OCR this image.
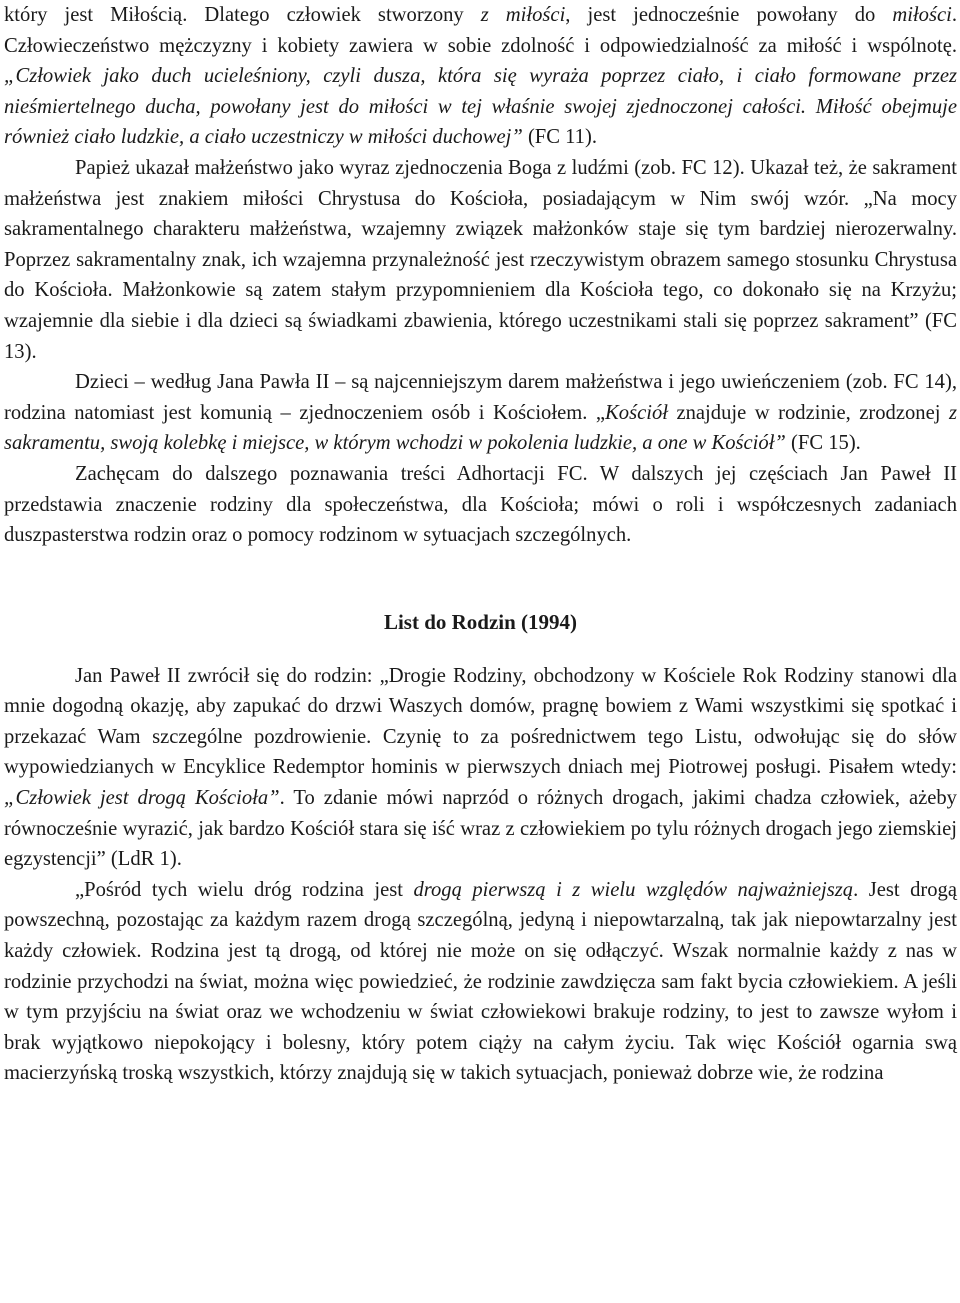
który jest Miłością. Dlatego człowiek stworzony z miłości, jest jednocześnie powołany do miłości. Człowieczeństwo mężczyzny i kobiety zawiera w sobie zdolność i odpowiedzialność za miłość i wspólnotę. „Człowiek jako duch ucieleśniony, czyli dusza, która się wyraża poprzez ciało, i ciało formowane przez nieśmiertelnego ducha, powołany jest do miłości w tej właśnie swojej zjednoczonej całości. Miłość obejmuje również ciało ludzkie, a ciało uczestniczy w miłości duchowej” (FC 11).

Papież ukazał małżeństwo jako wyraz zjednoczenia Boga z ludźmi (zob. FC 12). Ukazał też, że sakrament małżeństwa jest znakiem miłości Chrystusa do Kościoła, posiadającym w Nim swój wzór. „Na mocy sakramentalnego charakteru małżeństwa, wzajemny związek małżonków staje się tym bardziej nierozerwalny. Poprzez sakramentalny znak, ich wzajemna przynależność jest rzeczywistym obrazem samego stosunku Chrystusa do Kościoła. Małżonkowie są zatem stałym przypomnieniem dla Kościoła tego, co dokonało się na Krzyżu; wzajemnie dla siebie i dla dzieci są świadkami zbawienia, którego uczestnikami stali się poprzez sakrament” (FC 13).

Dzieci – według Jana Pawła II – są najcenniejszym darem małżeństwa i jego uwieńczeniem (zob. FC 14), rodzina natomiast jest komunią – zjednoczeniem osób i Kościołem. „Kościół znajduje w rodzinie, zrodzonej z sakramentu, swoją kolebkę i miejsce, w którym wchodzi w pokolenia ludzkie, a one w Kościół” (FC 15).

Zachęcam do dalszego poznawania treści Adhortacji FC. W dalszych jej częściach Jan Paweł II przedstawia znaczenie rodziny dla społeczeństwa, dla Kościoła; mówi o roli i współczesnych zadaniach duszpasterstwa rodzin oraz o pomocy rodzinom w sytuacjach szczególnych.

List do Rodzin (1994)

Jan Paweł II zwrócił się do rodzin: „Drogie Rodziny, obchodzony w Kościele Rok Rodziny stanowi dla mnie dogodną okazję, aby zapukać do drzwi Waszych domów, pragnę bowiem z Wami wszystkimi się spotkać i przekazać Wam szczególne pozdrowienie. Czynię to za pośrednictwem tego Listu, odwołując się do słów wypowiedzianych w Encyklice Redemptor hominis w pierwszych dniach mej Piotrowej posługi. Pisałem wtedy: „Człowiek jest drogą Kościoła”. To zdanie mówi naprzód o różnych drogach, jakimi chadza człowiek, ażeby równocześnie wyrazić, jak bardzo Kościół stara się iść wraz z człowiekiem po tylu różnych drogach jego ziemskiej egzystencji” (LdR 1).

„Pośród tych wielu dróg rodzina jest drogą pierwszą i z wielu względów najważniejszą. Jest drogą powszechną, pozostając za każdym razem drogą szczególną, jedyną i niepowtarzalną, tak jak niepowtarzalny jest każdy człowiek. Rodzina jest tą drogą, od której nie może on się odłączyć. Wszak normalnie każdy z nas w rodzinie przychodzi na świat, można więc powiedzieć, że rodzinie zawdzięcza sam fakt bycia człowiekiem. A jeśli w tym przyjściu na świat oraz we wchodzeniu w świat człowiekowi brakuje rodziny, to jest to zawsze wyłom i brak wyjątkowo niepokojący i bolesny, który potem ciąży na całym życiu. Tak więc Kościół ogarnia swą macierzyńską troską wszystkich, którzy znajdują się w takich sytuacjach, ponieważ dobrze wie, że rodzina
